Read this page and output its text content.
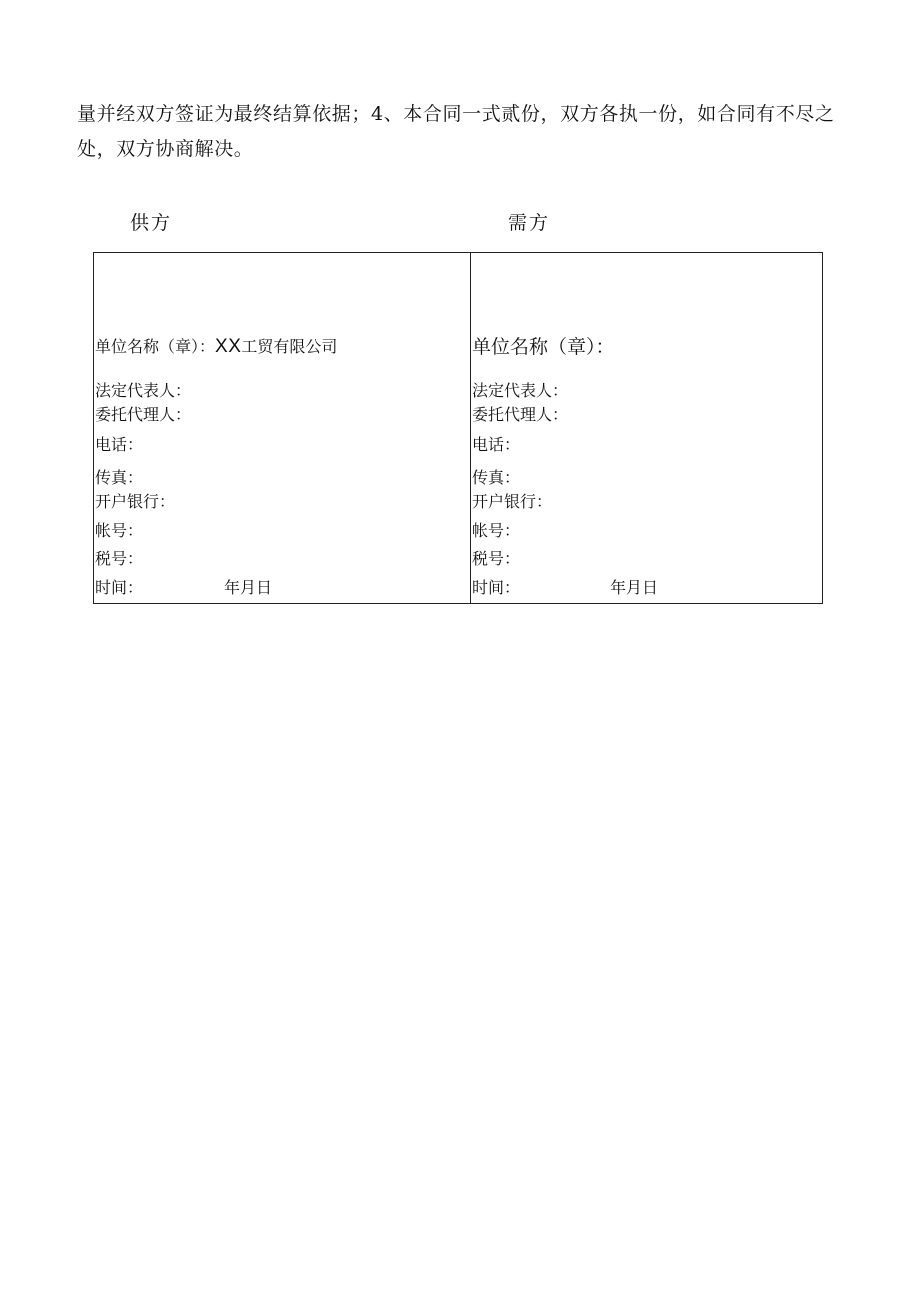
量并经双方签证为最终结算依据；4、本合同一式贰份，双方各执一份，如合同有不尽之处，双方协商解决。

供方	需方
单位名称（章）：XX工贸有限公司
法定代表人：
委托代理人：
电话：
传真：
开户银行：
帐号：
税号：
时间：	年月日
单位名称（章）：
法定代表人：
委托代理人：
电话：
传真：
开户银行：
帐号：
税号：
时间：	年月日
